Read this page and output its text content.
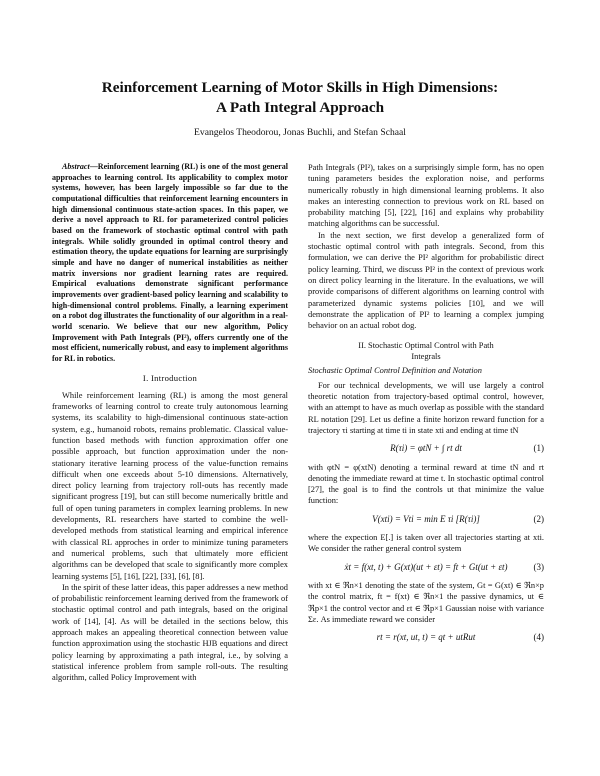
Reinforcement Learning of Motor Skills in High Dimensions:
A Path Integral Approach
Evangelos Theodorou, Jonas Buchli, and Stefan Schaal
Abstract—Reinforcement learning (RL) is one of the most general approaches to learning control. Its applicability to complex motor systems, however, has been largely impossible so far due to the computational difficulties that reinforcement learning encounters in high dimensional continuous state-action spaces. In this paper, we derive a novel approach to RL for parameterized control policies based on the framework of stochastic optimal control with path integrals. While solidly grounded in optimal control theory and estimation theory, the update equations for learning are surprisingly simple and have no danger of numerical instabilities as neither matrix inversions nor gradient learning rates are required. Empirical evaluations demonstrate significant performance improvements over gradient-based policy learning and scalability to high-dimensional control problems. Finally, a learning experiment on a robot dog illustrates the functionality of our algorithm in a real-world scenario. We believe that our new algorithm, Policy Improvement with Path Integrals (PI²), offers currently one of the most efficient, numerically robust, and easy to implement algorithms for RL in robotics.
I. Introduction

While reinforcement learning (RL) is among the most general frameworks of learning control to create truly autonomous learning systems, its scalability to high-dimensional continuous state-action system, e.g., humanoid robots, remains problematic. Classical value-function based methods with function approximation offer one possible approach, but function approximation under the non-stationary iterative learning process of the value-function remains difficult when one exceeds about 5-10 dimensions. Alternatively, direct policy learning from trajectory roll-outs has recently made significant progress [19], but can still become numerically brittle and full of open tuning parameters in complex learning problems. In new developments, RL researchers have started to combine the well-developed methods from statistical learning and empirical inference with classical RL approches in order to minimize tuning parameters and numerical problems, such that ultimately more efficient algorithms can be developed that scale to significantly more complex learning systems [5], [16], [22], [33], [6], [8].

In the spirit of these latter ideas, this paper addresses a new method of probabilistic reinforcement learning derived from the framework of stochastic optimal control and path integrals, based on the original work of [14], [4]. As will be detailed in the sections below, this approach makes an appealing theoretical connection between value function approximation using the stochastic HJB equations and direct policy learning by approximating a path integral, i.e., by solving a statistical inference problem from sample roll-outs. The resulting algorithm, called Policy Improvement with

Path Integrals (PI²), takes on a surprisingly simple form, has no open tuning parameters besides the exploration noise, and performs numerically robustly in high dimensional learning problems. It also makes an interesting connection to previous work on RL based on probability matching [5], [22], [16] and explains why probability matching algorithms can be successful.

In the next section, we first develop a generalized form of stochastic optimal control with path integrals. Second, from this formulation, we can derive the PI² algorithm for probabilistic direct policy learning. Third, we discuss PI² in the context of previous work on direct policy learning in the literature. In the evaluations, we will provide comparisons of different algorithms on learning control with parameterized dynamic systems policies [10], and we will demonstrate the application of PI² to learning a complex jumping behavior on an actual robot dog.

II. Stochastic Optimal Control with Path
Integrals
Stochastic Optimal Control Definition and Notation

For our technical developments, we will use largely a control theoretic notation from trajectory-based optimal control, however, with an attempt to have as much overlap as possible with the standard RL notation [29]. Let us define a finite horizon reward function for a trajectory τi starting at time ti in state xti and ending at time tN

R(τi) = φtN + ∫ rt dt	(1)

with φtN = φ(xtN) denoting a terminal reward at time tN and rt denoting the immediate reward at time t. In stochastic optimal control [27], the goal is to find the controls ut that minimize the value function:

V(xti) = Vti = min E τi [R(τi)]	(2)

where the expection E[.] is taken over all trajectories starting at xti. We consider the rather general control system

ẋt = f(xt, t) + G(xt)(ut + εt) = ft + Gt(ut + εt)	(3)

with xt ∈ ℜn×1 denoting the state of the system, Gt = G(xt) ∈ ℜn×p the control matrix, ft = f(xt) ∈ ℜn×1 the passive dynamics, ut ∈ ℜp×1 the control vector and εt ∈ ℜp×1 Gaussian noise with variance Σε. As immediate reward we consider

rt = r(xt, ut, t) = qt + utRut	(4)
